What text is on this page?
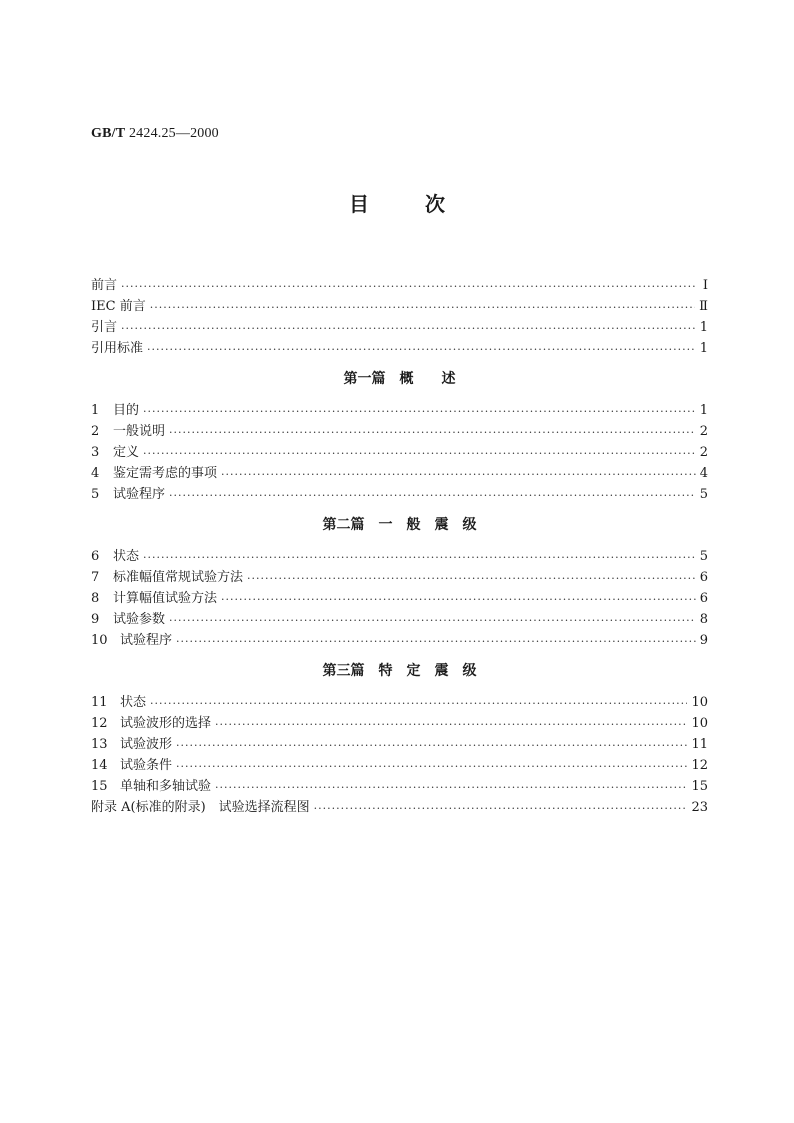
GB/T 2424.25—2000
目	次
前言 ·····	I
IEC 前言 ·····	Ⅱ
引言 ·····	1
引用标准 ·····	1
第一篇　概　　述
1	目的 ·····	1
2	一般说明 ·····	2
3	定义 ·····	2
4	鉴定需考虑的事项 ·····	4
5	试验程序 ·····	5
第二篇　一　般　震　级
6	状态 ·····	5
7	标准幅值常规试验方法 ·····	6
8	计算幅值试验方法 ·····	6
9	试验参数 ·····	8
10 试验程序 ·····	9
第三篇　特　定　震　级
11 状态 ·····	10
12 试验波形的选择 ·····	10
13 试验波形 ·····	11
14 试验条件 ·····	12
15 单轴和多轴试验 ·····	15
附录 A(标准的附录)　试验选择流程图 ·····	23
